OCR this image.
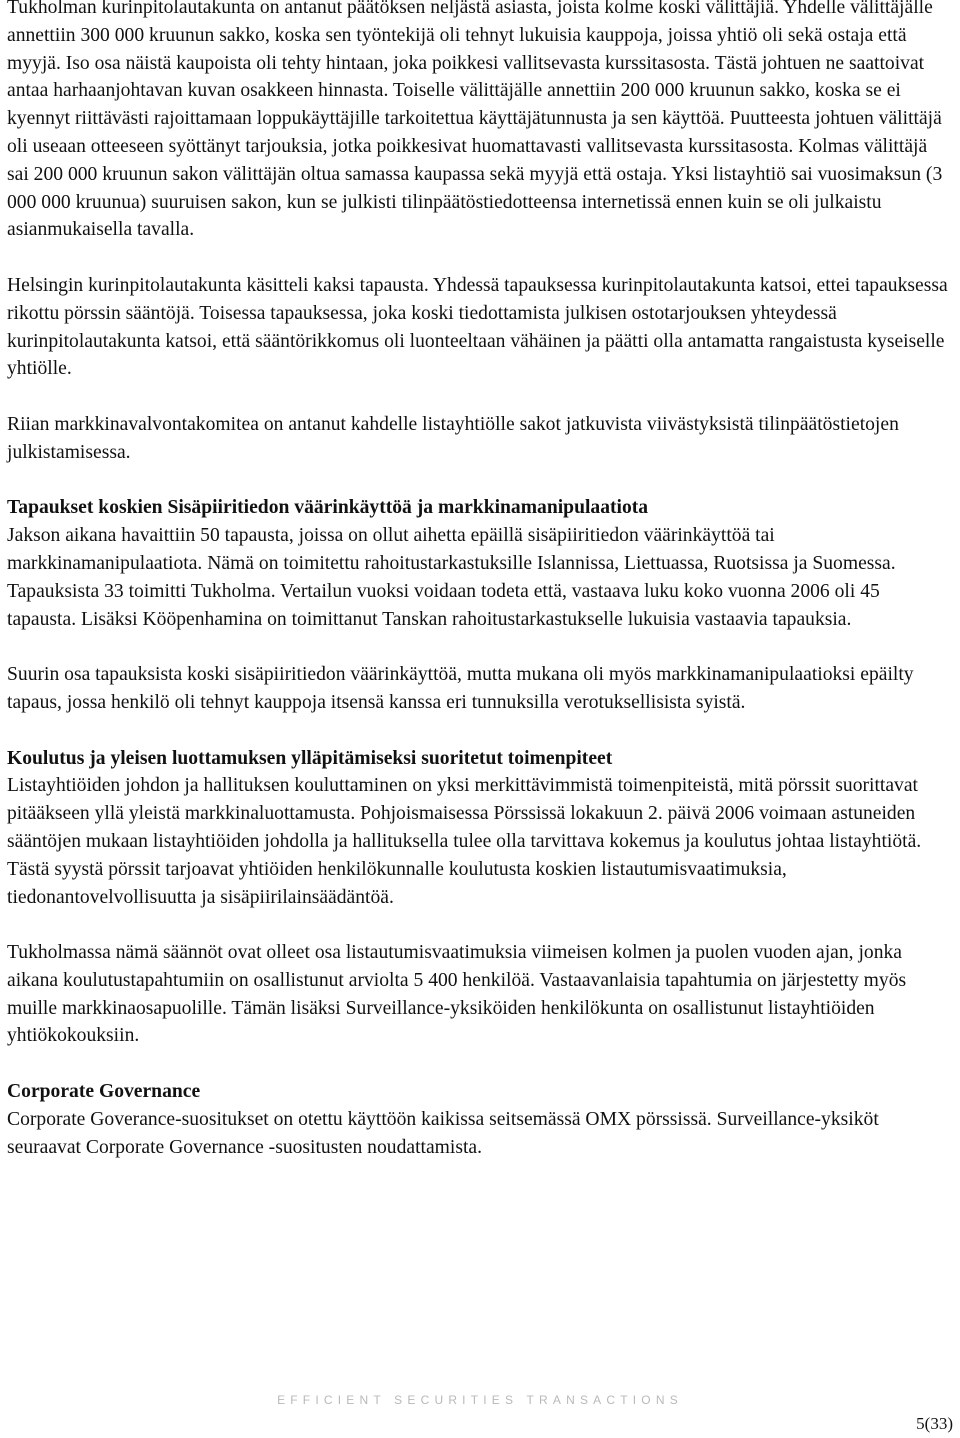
Tukholman kurinpitolautakunta on antanut päätöksen neljästä asiasta, joista kolme koski välittäjiä. Yhdelle välittäjälle annettiin 300 000 kruunun sakko, koska sen työntekijä oli tehnyt lukuisia kauppoja, joissa yhtiö oli sekä ostaja että myyjä. Iso osa näistä kaupoista oli tehty hintaan, joka poikkesi vallitsevasta kurssitasosta. Tästä johtuen ne saattoivat antaa harhaanjohtavan kuvan osakkeen hinnasta. Toiselle välittäjälle annettiin 200 000 kruunun sakko, koska se ei kyennyt riittävästi rajoittamaan loppukäyttäjille tarkoitettua käyttäjätunnusta ja sen käyttöä. Puutteesta johtuen välittäjä oli useaan otteeseen syöttänyt tarjouksia, jotka poikkesivat huomattavasti vallitsevasta kurssitasosta. Kolmas välittäjä sai 200 000 kruunun sakon välittäjän oltua samassa kaupassa sekä myyjä että ostaja. Yksi listayhtiö sai vuosimaksun (3 000 000 kruunua) suuruisen sakon, kun se julkisti tilinpäätöstiedotteensa internetissä ennen kuin se oli julkaistu asianmukaisella tavalla.

Helsingin kurinpitolautakunta käsitteli kaksi tapausta. Yhdessä tapauksessa kurinpitolautakunta katsoi, ettei tapauksessa rikottu pörssin sääntöjä. Toisessa tapauksessa, joka koski tiedottamista julkisen ostotarjouksen yhteydessä kurinpitolautakunta katsoi, että sääntörikkomus oli luonteeltaan vähäinen ja päätti olla antamatta rangaistusta kyseiselle yhtiölle.

Riian markkinavalvontakomitea on antanut kahdelle listayhtiölle sakot jatkuvista viivästyksistä tilinpäätöstietojen julkistamisessa.

Tapaukset koskien Sisäpiiritiedon väärinkäyttöä ja markkinamanipulaatiota

Jakson aikana havaittiin 50 tapausta, joissa on ollut aihetta epäillä sisäpiiritiedon väärinkäyttöä tai markkinamanipulaatiota. Nämä on toimitettu rahoitustarkastuksille Islannissa, Liettuassa, Ruotsissa ja Suomessa. Tapauksista 33 toimitti Tukholma. Vertailun vuoksi voidaan todeta että, vastaava luku koko vuonna 2006 oli 45 tapausta. Lisäksi Kööpenhamina on toimittanut Tanskan rahoitustarkastukselle lukuisia vastaavia tapauksia.

Suurin osa tapauksista koski sisäpiiritiedon väärinkäyttöä, mutta mukana oli myös markkinamanipulaatioksi epäilty tapaus, jossa henkilö oli tehnyt kauppoja itsensä kanssa eri tunnuksilla verotuksellisista syistä.

Koulutus ja yleisen luottamuksen ylläpitämiseksi suoritetut toimenpiteet

Listayhtiöiden johdon ja hallituksen kouluttaminen on yksi merkittävimmistä toimenpiteistä, mitä pörssit suorittavat pitääkseen yllä yleistä markkinaluottamusta. Pohjoismaisessa Pörssissä lokakuun 2. päivä 2006 voimaan astuneiden sääntöjen mukaan listayhtiöiden johdolla ja hallituksella tulee olla tarvittava kokemus ja koulutus johtaa listayhtiötä. Tästä syystä pörssit tarjoavat yhtiöiden henkilökunnalle koulutusta koskien listautumisvaatimuksia, tiedonantovelvollisuutta ja sisäpiirilainsäädäntöä.

Tukholmassa nämä säännöt ovat olleet osa listautumisvaatimuksia viimeisen kolmen ja puolen vuoden ajan, jonka aikana koulutustapahtumiin on osallistunut arviolta 5 400 henkilöä. Vastaavanlaisia tapahtumia on järjestetty myös muille markkinaosapuolille. Tämän lisäksi Surveillance-yksiköiden henkilökunta on osallistunut listayhtiöiden yhtiökokouksiin.

Corporate Governance

Corporate Goverance-suositukset on otettu käyttöön kaikissa seitsemässä OMX pörssissä. Surveillance-yksiköt seuraavat Corporate Governance -suositusten noudattamista.

EFFICIENT SECURITIES TRANSACTIONS
5(33)
